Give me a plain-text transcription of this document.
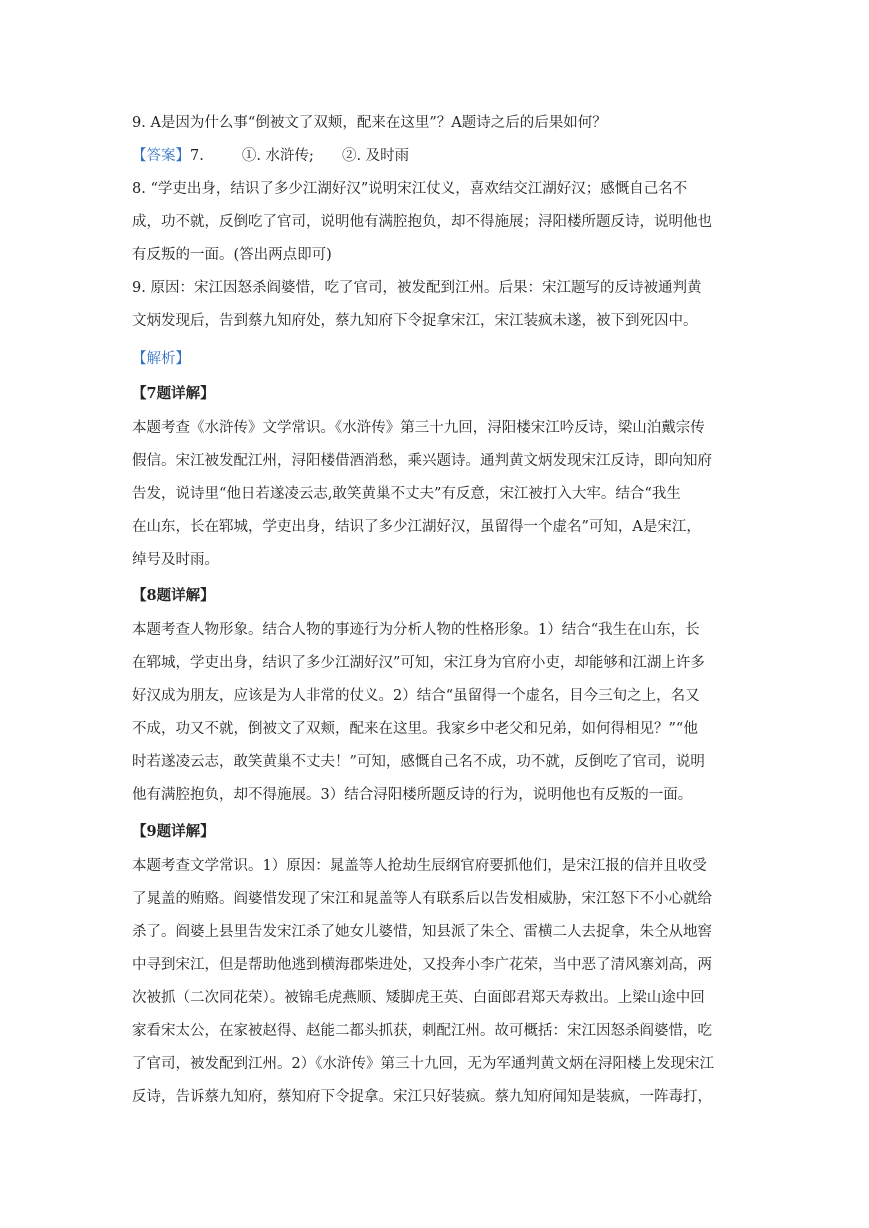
9. A是因为什么事“倒被文了双颊，配来在这里”？A题诗之后的后果如何？
【答案】7.	①. 水浒传; ②. 及时雨
8. “学吏出身，结识了多少江湖好汉”说明宋江仗义，喜欢结交江湖好汉；感慨自己名不
成，功不就，反倒吃了官司，说明他有满腔抱负，却不得施展；浔阳楼所题反诗，说明他也
有反叛的一面。(答出两点即可)
9. 原因：宋江因怒杀阎婆惜，吃了官司，被发配到江州。后果：宋江题写的反诗被通判黄
文炳发现后，告到蔡九知府处，蔡九知府下令捉拿宋江，宋江装疯未遂，被下到死囚中。
【解析】
【7题详解】
本题考查《水浒传》文学常识。《水浒传》第三十九回，浔阳楼宋江吟反诗，梁山泊戴宗传
假信。宋江被发配江州，浔阳楼借酒消愁，乘兴题诗。通判黄文炳发现宋江反诗，即向知府
告发，说诗里“他日若遂凌云志,敢笑黄巢不丈夫”有反意，宋江被打入大牢。结合“我生
在山东，长在郓城，学吏出身，结识了多少江湖好汉，虽留得一个虚名”可知，A是宋江，
绰号及时雨。
【8题详解】
本题考查人物形象。结合人物的事迹行为分析人物的性格形象。1）结合“我生在山东，长
在郓城，学吏出身，结识了多少江湖好汉”可知，宋江身为官府小吏，却能够和江湖上许多
好汉成为朋友，应该是为人非常的仗义。2）结合“虽留得一个虚名，目今三旬之上，名又
不成，功又不就，倒被文了双颊，配来在这里。我家乡中老父和兄弟，如何得相见？”“他
时若遂凌云志，敢笑黄巢不丈夫！”可知，感慨自己名不成，功不就，反倒吃了官司，说明
他有满腔抱负，却不得施展。3）结合浔阳楼所题反诗的行为，说明他也有反叛的一面。
【9题详解】
本题考查文学常识。1）原因：晁盖等人抢劫生辰纲官府要抓他们，是宋江报的信并且收受
了晁盖的贿赂。阎婆惜发现了宋江和晁盖等人有联系后以告发相威胁，宋江怒下不小心就给
杀了。阎婆上县里告发宋江杀了她女儿婆惜，知县派了朱仝、雷横二人去捉拿，朱仝从地窖
中寻到宋江，但是帮助他逃到横海郡柴进处，又投奔小李广花荣，当中恶了清风寨刘高，两
次被抓（二次同花荣）。被锦毛虎燕顺、矮脚虎王英、白面郎君郑天寿救出。上梁山途中回
家看宋太公，在家被赵得、赵能二都头抓获，刺配江州。故可概括：宋江因怒杀阎婆惜，吃
了官司，被发配到江州。2）《水浒传》第三十九回，无为军通判黄文炳在浔阳楼上发现宋江
反诗，告诉蔡九知府，蔡知府下令捉拿。宋江只好装疯。蔡九知府闻知是装疯，一阵毒打，
